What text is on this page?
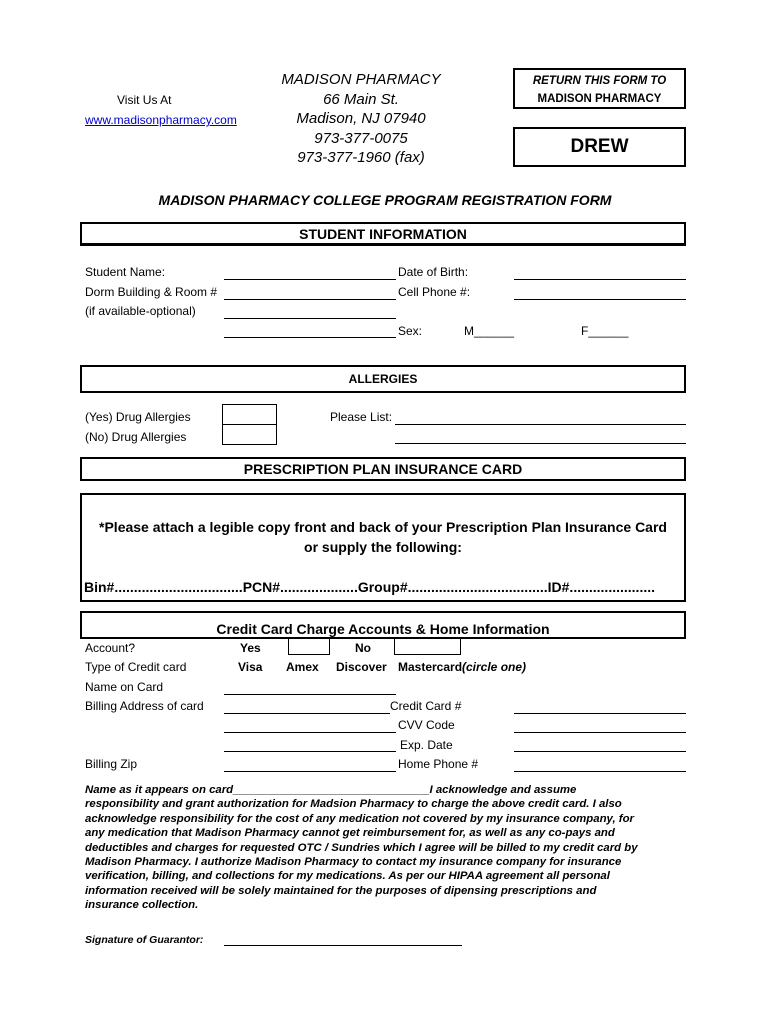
Visit Us At
www.madisonpharmacy.com
MADISON PHARMACY
66 Main St.
Madison, NJ 07940
973-377-0075
973-377-1960 (fax)
RETURN THIS FORM TO
MADISON PHARMACY
DREW
MADISON PHARMACY COLLEGE PROGRAM REGISTRATION FORM
STUDENT INFORMATION
Student Name:	Date of Birth:
Dorm Building & Room #	Cell Phone #:
(if available-optional)
Sex:	M______	F______
ALLERGIES
(Yes) Drug Allergies
(No) Drug Allergies
Please List:
PRESCRIPTION PLAN INSURANCE CARD
*Please attach a legible copy front and back of your Prescription Plan Insurance Card
or supply the following:
Bin#.................................PCN#....................Group#....................................ID#......................
Credit Card Charge Accounts & Home Information
Account?	Yes	No
Type of Credit card	Visa Amex Discover Mastercard (circle one)
Name on Card
Billing Address of card	Credit Card #
CVV Code
Exp. Date
Billing Zip	Home Phone #
Name as it appears on card_______________________________I acknowledge and assume
responsibility and grant authorization for Madsion Pharmacy to charge the above credit card. I also
acknowledge responsibility for the cost of any medication not covered by my insurance company, for
any medication that Madison Pharmacy cannot get reimbursement for, as well as any co-pays and
deductibles and charges for requested OTC / Sundries which I agree will be billed to my credit card by
Madison Pharmacy. I authorize Madison Pharmacy to contact my insurance company for insurance
verification, billing, and collections for my medications. As per our HIPAA agreement all personal
information received will be solely maintained for the purposes of dipensing prescriptions and
insurance collection.
Signature of Guarantor:
